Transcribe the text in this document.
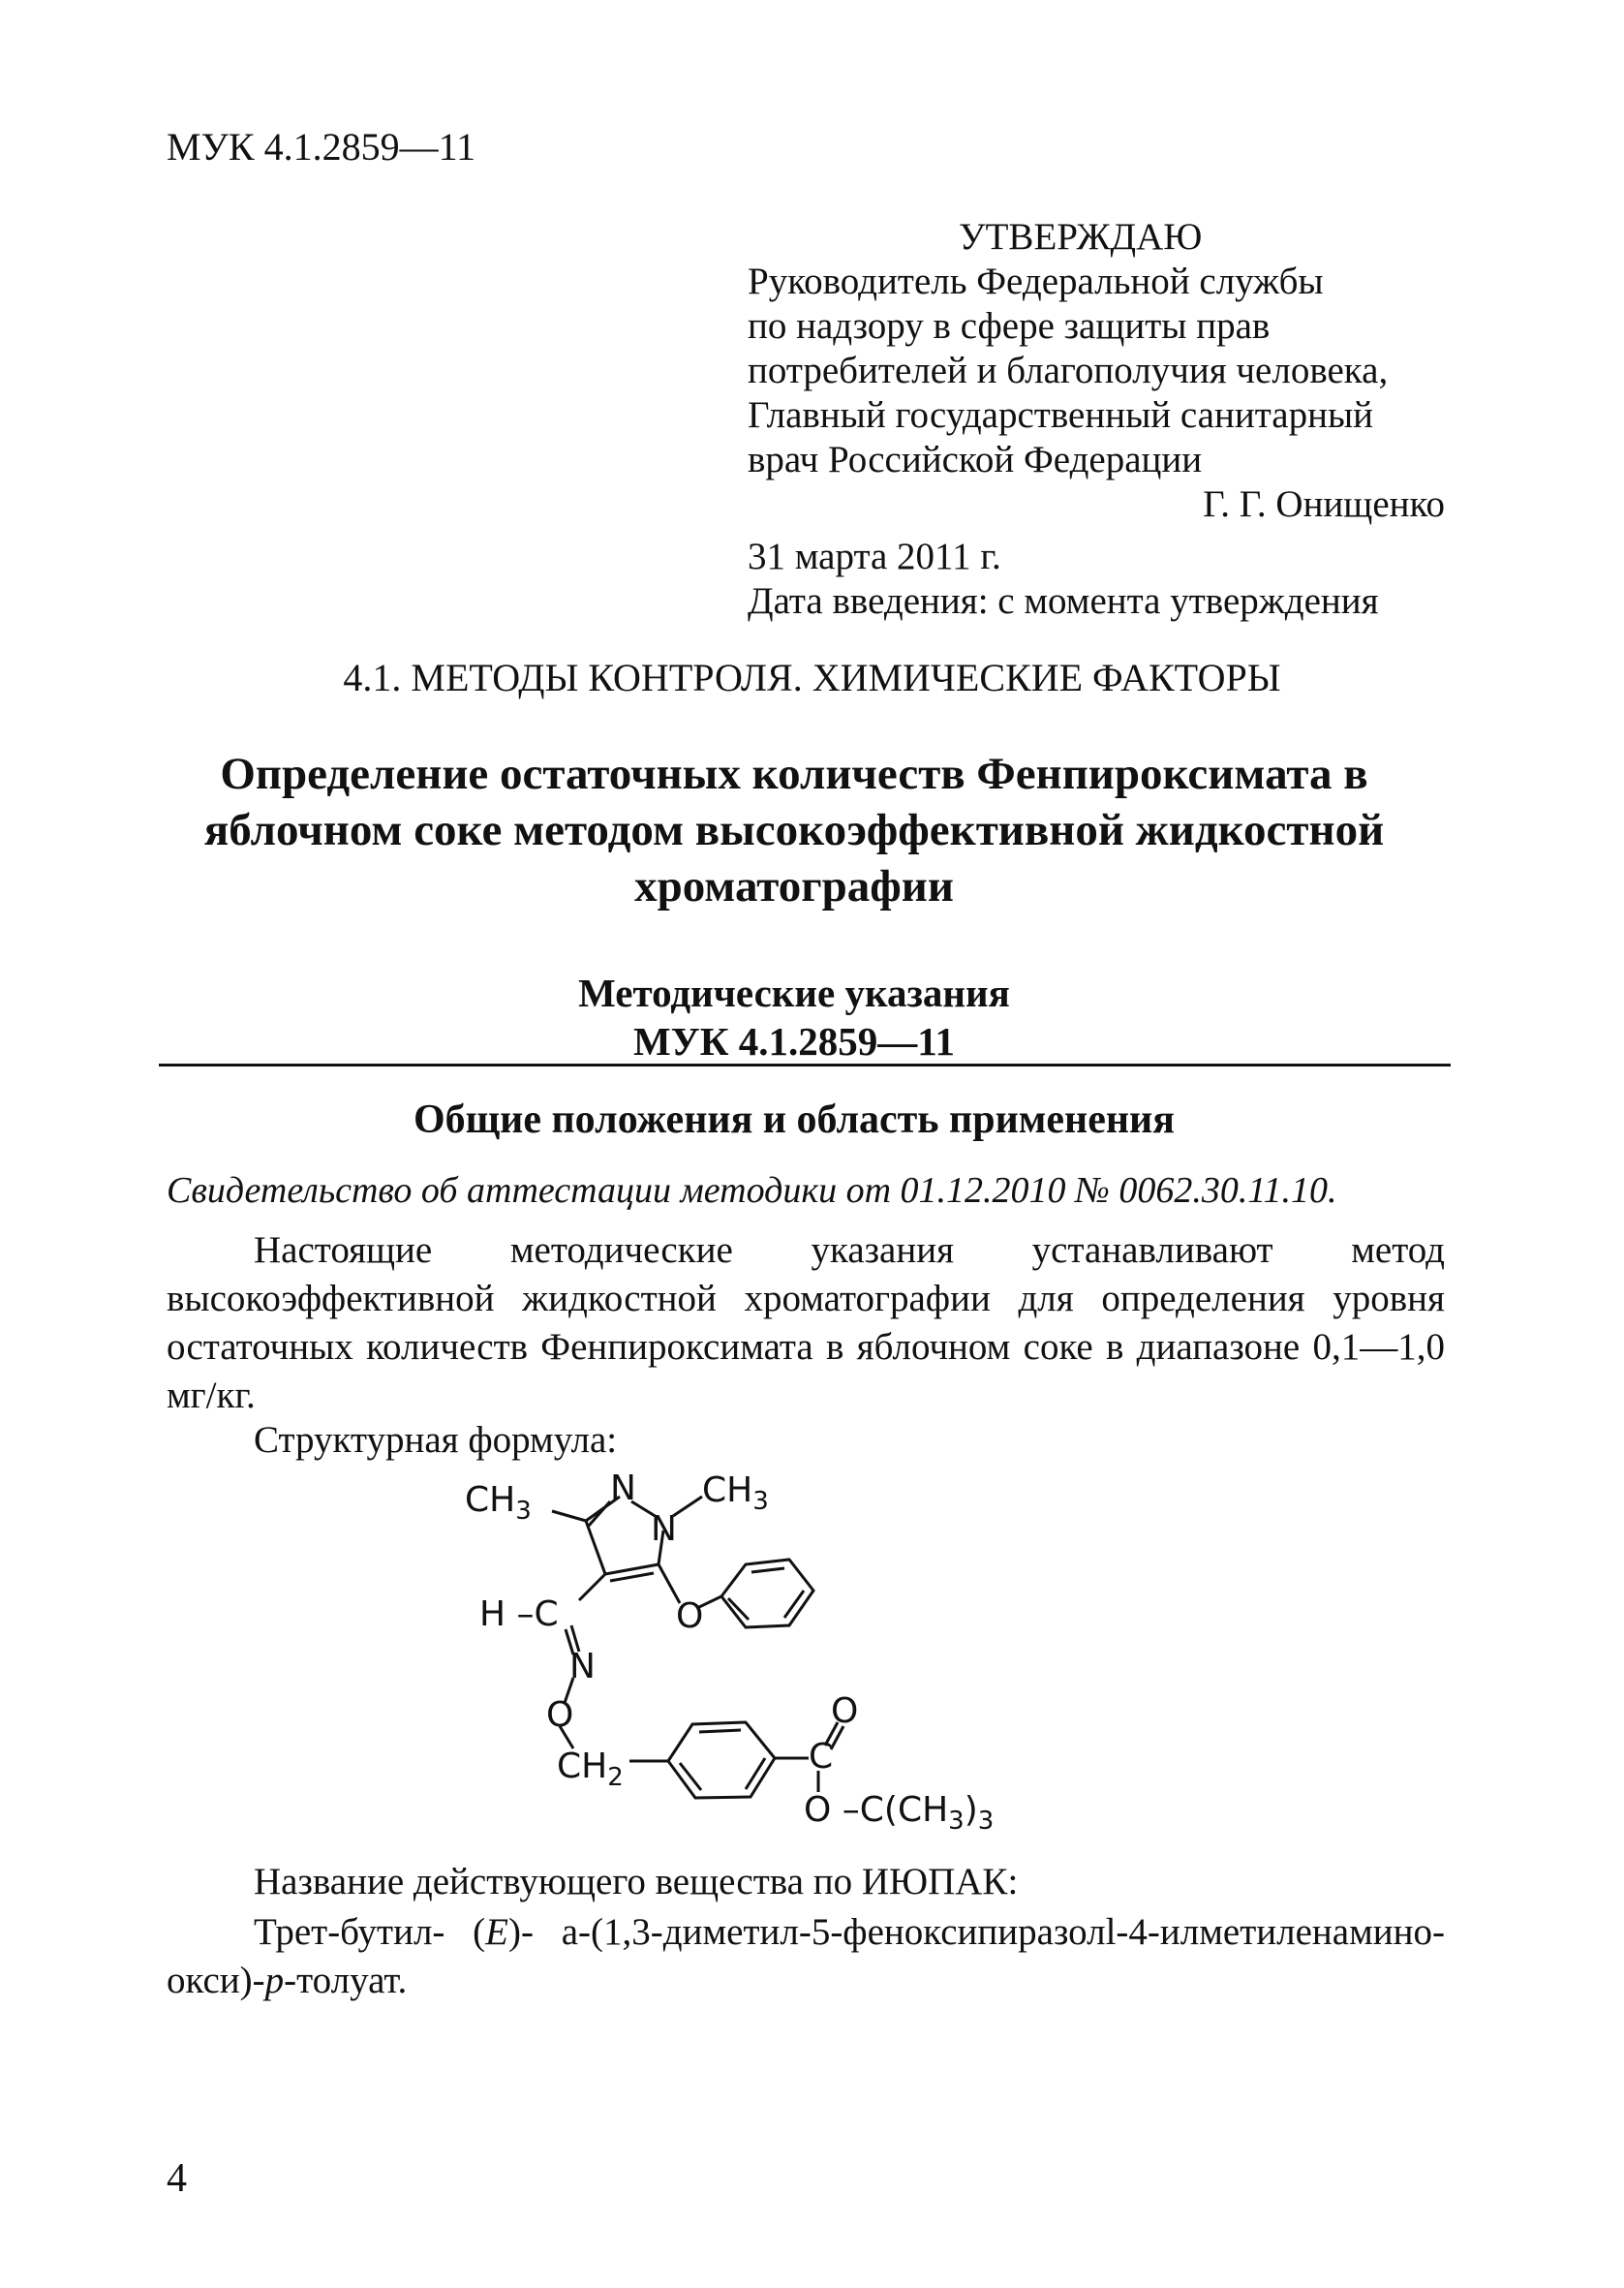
МУК 4.1.2859—11
УТВЕРЖДАЮ
Руководитель Федеральной службы
по надзору в сфере защиты прав
потребителей и благополучия человека,
Главный государственный санитарный
врач Российской Федерации
Г. Г. Онищенко
31 марта 2011 г.
Дата введения: с момента утверждения
4.1. МЕТОДЫ КОНТРОЛЯ. ХИМИЧЕСКИЕ ФАКТОРЫ
Определение остаточных количеств Фенпироксимата в яблочном соке методом высокоэффективной жидкостной хроматографии
Методические указания
МУК 4.1.2859—11
Общие положения и область применения
Свидетельство об аттестации методики от 01.12.2010 № 0062.30.11.10.
Настоящие методические указания устанавливают метод высокоэффективной жидкостной хроматографии для определения уровня остаточных количеств Фенпироксимата в яблочном соке в диапазоне 0,1—1,0 мг/кг.
Структурная формула:
$CH_3$
N
N
$CH_3$
H –C	O
N
O
$CH_2$
C
O
O $-C(CH_3)_3$
Название действующего вещества по ИЮПАК:
Трет-бутил- (E)- а-(1,3-диметил-5-феноксипиразолl-4-илметиленамино-окси)-p-толуат.
4
